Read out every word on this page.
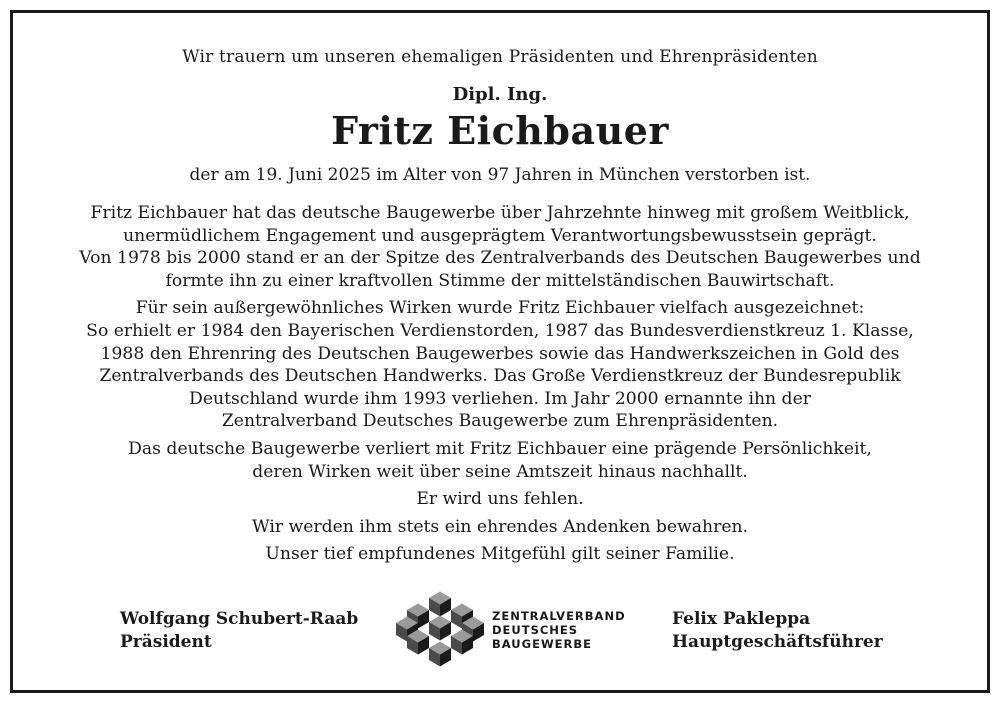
Wir trauern um unseren ehemaligen Präsidenten und Ehrenpräsidenten
Dipl. Ing.
Fritz Eichbauer
der am 19. Juni 2025 im Alter von 97 Jahren in München verstorben ist.

Fritz Eichbauer hat das deutsche Baugewerbe über Jahrzehnte hinweg mit großem Weitblick,
unermüdlichem Engagement und ausgeprägtem Verantwortungsbewusstsein geprägt.
Von 1978 bis 2000 stand er an der Spitze des Zentralverbands des Deutschen Baugewerbes und
formte ihn zu einer kraftvollen Stimme der mittelständischen Bauwirtschaft.

Für sein außergewöhnliches Wirken wurde Fritz Eichbauer vielfach ausgezeichnet:
So erhielt er 1984 den Bayerischen Verdienstorden, 1987 das Bundesverdienstkreuz 1. Klasse,
1988 den Ehrenring des Deutschen Baugewerbes sowie das Handwerkszeichen in Gold des
Zentralverbands des Deutschen Handwerks. Das Große Verdienstkreuz der Bundesrepublik
Deutschland wurde ihm 1993 verliehen. Im Jahr 2000 ernannte ihn der
Zentralverband Deutsches Baugewerbe zum Ehrenpräsidenten.

Das deutsche Baugewerbe verliert mit Fritz Eichbauer eine prägende Persönlichkeit,
deren Wirken weit über seine Amtszeit hinaus nachhallt.

Er wird uns fehlen.

Wir werden ihm stets ein ehrendes Andenken bewahren.

Unser tief empfundenes Mitgefühl gilt seiner Familie.

Wolfgang Schubert-Raab
Präsident
ZENTRALVERBAND
DEUTSCHES
BAUGEWERBE
Felix Pakleppa
Hauptgeschäftsführer
